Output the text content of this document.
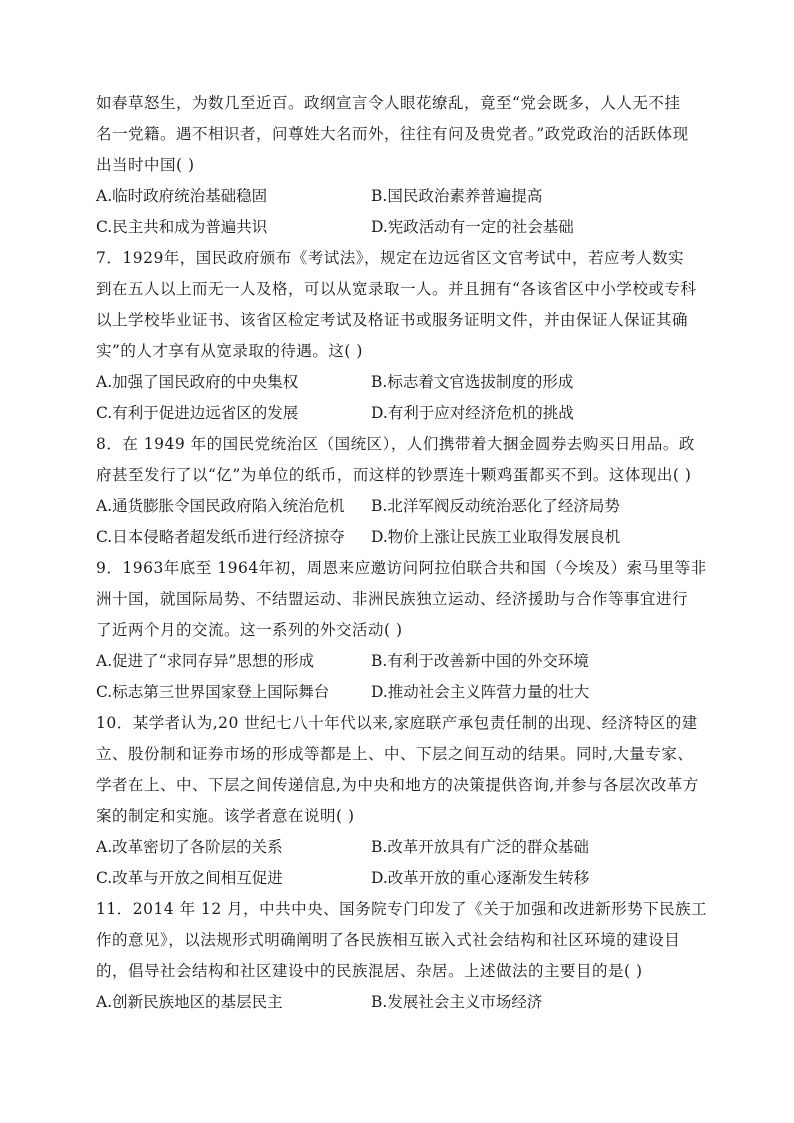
如春草怒生，为数几至近百。政纲宣言令人眼花缭乱，竟至“党会既多，人人无不挂
名一党籍。遇不相识者，问尊姓大名而外，往往有问及贵党者。”政党政治的活跃体现
出当时中国( )
A.临时政府统治基础稳固	B.国民政治素养普遍提高
C.民主共和成为普遍共识	D.宪政活动有一定的社会基础
7．1929年，国民政府颁布《考试法》，规定在边远省区文官考试中，若应考人数实
到在五人以上而无一人及格，可以从宽录取一人。并且拥有“各该省区中小学校或专科
以上学校毕业证书、该省区检定考试及格证书或服务证明文件，并由保证人保证其确
实”的人才享有从宽录取的待遇。这( )
A.加强了国民政府的中央集权	B.标志着文官选拔制度的形成
C.有利于促进边远省区的发展	D.有利于应对经济危机的挑战
8．在 1949 年的国民党统治区（国统区），人们携带着大捆金圆券去购买日用品。政
府甚至发行了以“亿”为单位的纸币，而这样的钞票连十颗鸡蛋都买不到。这体现出( )
A.通货膨胀令国民政府陷入统治危机	B.北洋军阀反动统治恶化了经济局势
C.日本侵略者超发纸币进行经济掠夺	D.物价上涨让民族工业取得发展良机
9．1963年底至 1964年初，周恩来应邀访问阿拉伯联合共和国（今埃及）索马里等非
洲十国，就国际局势、不结盟运动、非洲民族独立运动、经济援助与合作等事宜进行
了近两个月的交流。这一系列的外交活动( )
A.促进了“求同存异”思想的形成	B.有利于改善新中国的外交环境
C.标志第三世界国家登上国际舞台	D.推动社会主义阵营力量的壮大
10．某学者认为,20 世纪七八十年代以来,家庭联产承包责任制的出现、经济特区的建
立、股份制和证券市场的形成等都是上、中、下层之间互动的结果。同时,大量专家、
学者在上、中、下层之间传递信息,为中央和地方的决策提供咨询,并参与各层次改革方
案的制定和实施。该学者意在说明( )
A.改革密切了各阶层的关系	B.改革开放具有广泛的群众基础
C.改革与开放之间相互促进	D.改革开放的重心逐渐发生转移
11．2014 年 12 月，中共中央、国务院专门印发了《关于加强和改进新形势下民族工
作的意见》，以法规形式明确阐明了各民族相互嵌入式社会结构和社区环境的建设目
的，倡导社会结构和社区建设中的民族混居、杂居。上述做法的主要目的是( )
A.创新民族地区的基层民主	B.发展社会主义市场经济
